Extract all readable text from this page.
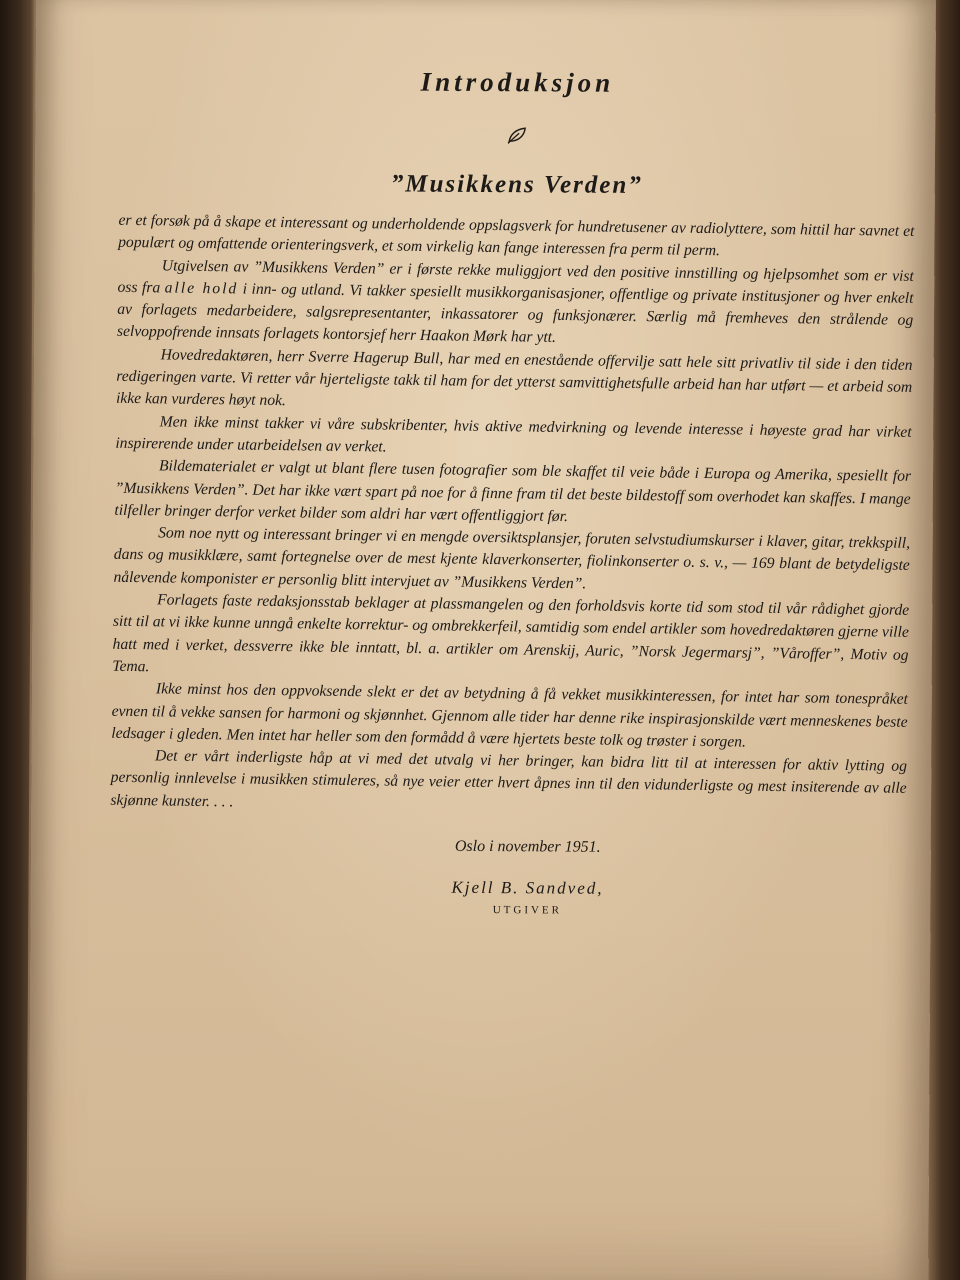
Introduksjon
”Musikkens Verden”

er et forsøk på å skape et interessant og underholdende oppslagsverk for hundretusener av radiolyttere, som hittil har savnet et populært og omfattende orienteringsverk, et som virkelig kan fange interessen fra perm til perm.

Utgivelsen av ”Musikkens Verden” er i første rekke muliggjort ved den positive innstilling og hjelpsomhet som er vist oss fra alle hold i inn- og utland. Vi takker spesiellt musikkorganisasjoner, offentlige og private institusjoner og hver enkelt av forlagets medarbeidere, salgsrepresentanter, inkassatorer og funksjonærer. Særlig må fremheves den strålende og selvoppofrende innsats forlagets kontorsjef herr Haakon Mørk har ytt.

Hovedredaktøren, herr Sverre Hagerup Bull, har med en enestående offervilje satt hele sitt privatliv til side i den tiden redigeringen varte. Vi retter vår hjerteligste takk til ham for det ytterst samvittighetsfulle arbeid han har utført — et arbeid som ikke kan vurderes høyt nok.

Men ikke minst takker vi våre subskribenter, hvis aktive medvirkning og levende interesse i høyeste grad har virket inspirerende under utarbeidelsen av verket.

Bildematerialet er valgt ut blant flere tusen fotografier som ble skaffet til veie både i Europa og Amerika, spesiellt for ”Musikkens Verden”. Det har ikke vært spart på noe for å finne fram til det beste bildestoff som overhodet kan skaffes. I mange tilfeller bringer derfor verket bilder som aldri har vært offentliggjort før.

Som noe nytt og interessant bringer vi en mengde oversiktsplansjer, foruten selvstudiumskurser i klaver, gitar, trekkspill, dans og musikklære, samt fortegnelse over de mest kjente klaverkonserter, fiolinkonserter o. s. v., — 169 blant de betydeligste nålevende komponister er personlig blitt intervjuet av ”Musikkens Verden”.

Forlagets faste redaksjonsstab beklager at plassmangelen og den forholdsvis korte tid som stod til vår rådighet gjorde sitt til at vi ikke kunne unngå enkelte korrektur- og ombrekkerfeil, samtidig som endel artikler som hovedredaktøren gjerne ville hatt med i verket, dessverre ikke ble inntatt, bl. a. artikler om Arenskij, Auric, ”Norsk Jegermarsj”, ”Våroffer”, Motiv og Tema.

Ikke minst hos den oppvoksende slekt er det av betydning å få vekket musikkinteressen, for intet har som tonespråket evnen til å vekke sansen for harmoni og skjønnhet. Gjennom alle tider har denne rike inspirasjonskilde vært menneskenes beste ledsager i gleden. Men intet har heller som den formådd å være hjertets beste tolk og trøster i sorgen.

Det er vårt inderligste håp at vi med det utvalg vi her bringer, kan bidra litt til at interessen for aktiv lytting og personlig innlevelse i musikken stimuleres, så nye veier etter hvert åpnes inn til den vidunderligste og mest insiterende av alle skjønne kunster. . . .

Oslo i november 1951.
Kjell B. Sandved,
UTGIVER
